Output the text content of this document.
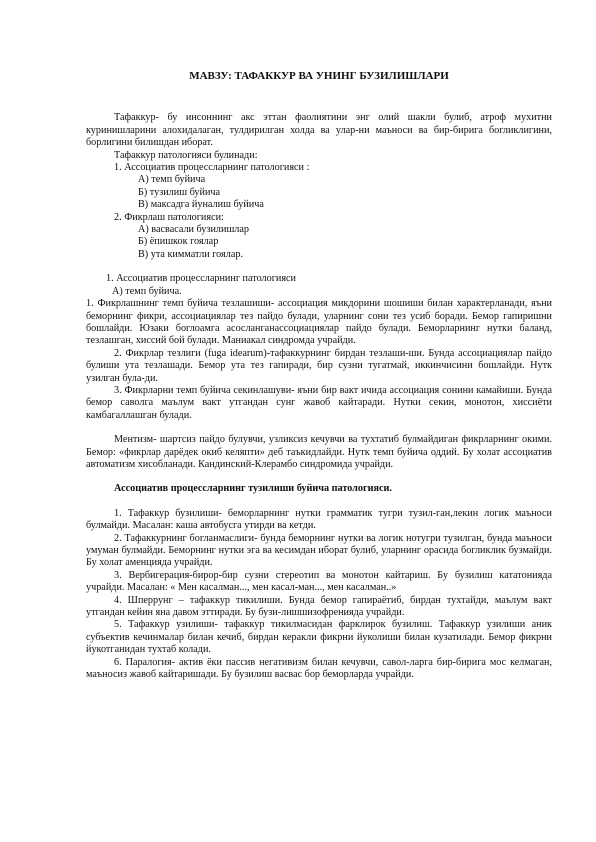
МАВЗУ: ТАФАККУР ВА УНИНГ БУЗИЛИШЛАРИ

Тафаккур- бу инсоннинг акс эттан фаолиятини энг олий шакли булиб, атроф мухитни куринишларини алохидалаган, тулдирилган холда ва улар-ни маъноси ва бир-бирига богликлигини, борлигини билишдан иборат.

Тафаккур патологияси булинади:

1. Ассоциатив процессларнинг патологияси :

А) темп буйича

Б) тузилиш буйича

В) максадга йуналиш буйича

2. Фикрлаш патологияси:

А) васвасали бузилишлар

Б) ёпишкок гоялар

В) ута кимматли гоялар.

1. Ассоциатив процессларнинг патологияси

А) темп буйича.

1. Фикрлашнинг темп буйича тезлашиши- ассоциация микдорини шошиши билан характерланади, яъни беморнинг фикри, ассоциациялар тез пайдо булади, уларнинг сони тез усиб боради. Бемор гапиришни бошлайди. Юзаки боглоамга асосланганассоциациялар пайдо булади. Беморларнинг нутки баланд, тезлашган, хиссий бой булади. Маниакал синдромда учрайди.

2. Фикрлар тезлиги (fuga idearum)-тафаккурнинг бирдан тезлаши-ши. Бунда ассоциациялар пайдо булиши ута тезлашади. Бемор ута тез гапиради, бир сузни тугатмай, иккинчисини бошлайди. Нутк узилган була-ди.

3. Фикрларни темп буйича секинлашуви- яъни бир вакт ичида ассоциация сонини камайиши. Бунда бемор саволга маълум вакт утгандан сунг жавоб кайтаради. Нутки секин, монотон, хиссиёти камбагаллашган булади.

Ментизм- шартсиз пайдо булувчи, узликсиз кечувчи ва тухтатиб булмайдиган фикрларнинг окими. Бемор: «фикрлар дарёдек окиб келяпти» деб таъкидлайди. Нутк темп буйича оддий. Бу холат ассоциатив автоматизм хисобланади. Кандинский-Клерамбо синдромида учрайди.

Ассоциатив процессларнинг тузилиши буйича патологияси.

1. Тафаккур бузилиши- беморларнинг нутки грамматик тугри тузил-ган,лекин логик маъноси булмайди. Масалан: каша автобусга утирди ва кетди.

2. Тафаккурнинг богланмаслиги- бунда беморнинг нутки ва логик нотугри тузилган, бунда маъноси умуман булмайди. Беморнинг нутки эга ва кесимдан иборат булиб, уларнинг орасида богликлик бузмайди. Бу холат аменцияда учрайди.

3. Вербигерация-бирор-бир сузни стереотип ва монотон кайтариш. Бу бузилиш кататонияда учрайди. Масалан: « Мен касалман..., мен касал-ман..., мен касалман..»

4. Шперрунг – тафаккур тикилиши. Бунда бемор гапираётиб, бирдан тухтайди, маълум вакт утгандан кейин яна давом эттиради. Бу бузи-лишшизофренияда учрайди.

5. Тафаккур узилиши- тафаккур тикилмасидан фарклирок бузилиш. Тафаккур узилиши аник субъектив кечинмалар билан кечиб, бирдан керакли фикрни йуколиши билан кузатилади. Бемор фикрни йукотганидан тухтаб колади.

6. Паралогия- актив ёки пассив негативизм билан кечувчи, савол-ларга бир-бирига мос келмаган, маъносиз жавоб кайтаришади. Бу бузилиш васвас бор беморларда учрайди.
